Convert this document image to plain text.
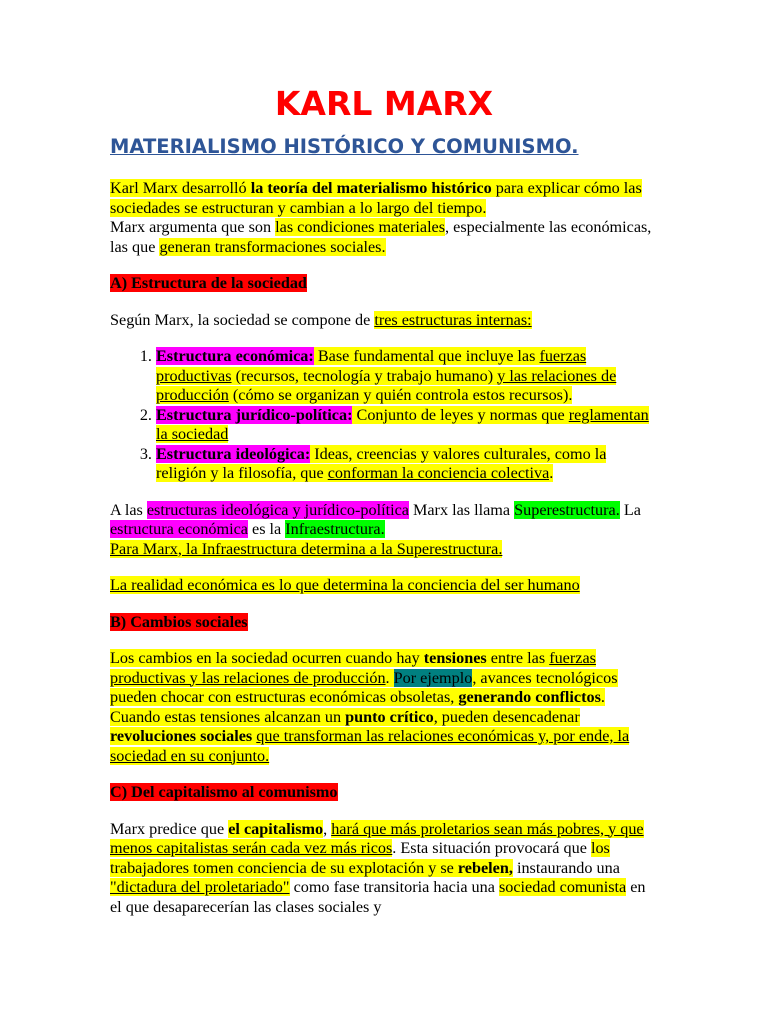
KARL MARX
MATERIALISMO HISTÓRICO Y COMUNISMO.

Karl Marx desarrolló la teoría del materialismo histórico para explicar cómo las sociedades se estructuran y cambian a lo largo del tiempo.
Marx argumenta que son las condiciones materiales, especialmente las económicas, las que generan transformaciones sociales.

A) Estructura de la sociedad

Según Marx, la sociedad se compone de tres estructuras internas:

1. Estructura económica: Base fundamental que incluye las fuerzas productivas (recursos, tecnología y trabajo humano) y las relaciones de producción (cómo se organizan y quién controla estos recursos).
2. Estructura jurídico-política: Conjunto de leyes y normas que reglamentan la sociedad
3. Estructura ideológica: Ideas, creencias y valores culturales, como la religión y la filosofía, que conforman la conciencia colectiva.

A las estructuras ideológica y jurídico-política Marx las llama Superestructura. La estructura económica es la Infraestructura.
Para Marx, la Infraestructura determina a la Superestructura.

La realidad económica es lo que determina la conciencia del ser humano

B) Cambios sociales

Los cambios en la sociedad ocurren cuando hay tensiones entre las fuerzas productivas y las relaciones de producción. Por ejemplo, avances tecnológicos pueden chocar con estructuras económicas obsoletas, generando conflictos. Cuando estas tensiones alcanzan un punto crítico, pueden desencadenar revoluciones sociales que transforman las relaciones económicas y, por ende, la sociedad en su conjunto.

C) Del capitalismo al comunismo

Marx predice que el capitalismo, hará que más proletarios sean más pobres, y que menos capitalistas serán cada vez más ricos. Esta situación provocará que los trabajadores tomen conciencia de su explotación y se rebelen, instaurando una "dictadura del proletariado" como fase transitoria hacia una sociedad comunista en el que desaparecerían las clases sociales y
